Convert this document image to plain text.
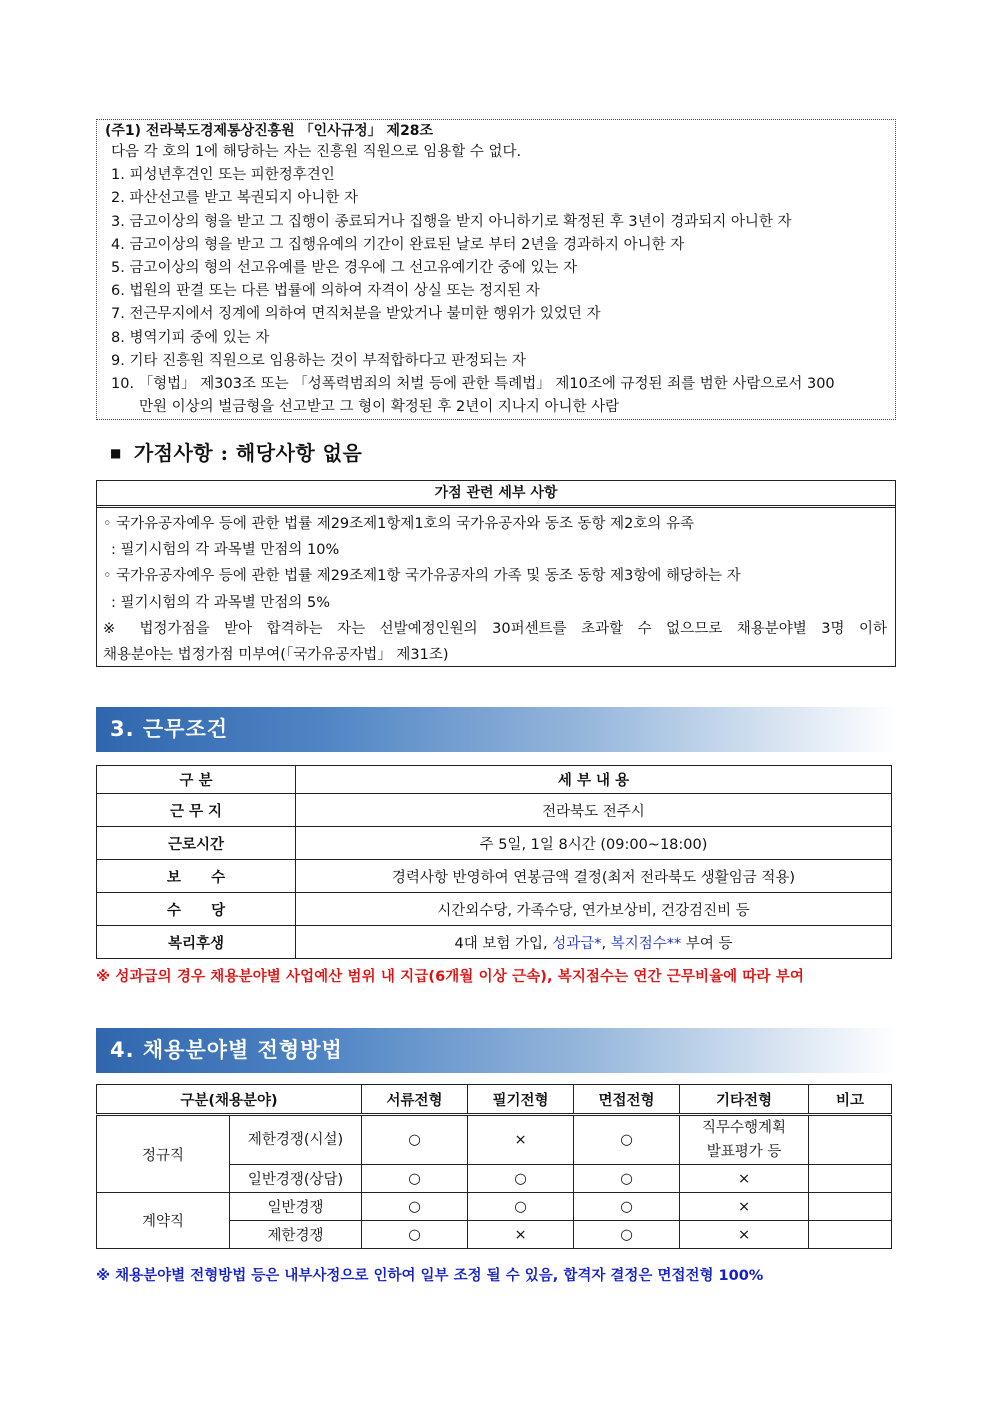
(주1) 전라북도경제통상진흥원 「인사규정」 제28조
다음 각 호의 1에 해당하는 자는 진흥원 직원으로 임용할 수 없다.
1. 피성년후견인 또는 피한정후견인
2. 파산선고를 받고 복권되지 아니한 자
3. 금고이상의 형을 받고 그 집행이 종료되거나 집행을 받지 아니하기로 확정된 후 3년이 경과되지 아니한 자
4. 금고이상의 형을 받고 그 집행유예의 기간이 완료된 날로 부터 2년을 경과하지 아니한 자
5. 금고이상의 형의 선고유예를 받은 경우에 그 선고유예기간 중에 있는 자
6. 법원의 판결 또는 다른 법률에 의하여 자격이 상실 또는 정지된 자
7. 전근무지에서 징계에 의하여 면직처분을 받았거나 불미한 행위가 있었던 자
8. 병역기피 중에 있는 자
9. 기타 진흥원 직원으로 임용하는 것이 부적합하다고 판정되는 자
10. 「형법」 제303조 또는 「성폭력범죄의 처벌 등에 관한 특례법」 제10조에 규정된 죄를 범한 사람으로서 300
만원 이상의 벌금형을 선고받고 그 형이 확정된 후 2년이 지나지 아니한 사람
■ 가점사항 : 해당사항 없음
가점 관련 세부 사항
◦ 국가유공자예우 등에 관한 법률 제29조제1항제1호의 국가유공자와 동조 동항 제2호의 유족
: 필기시험의 각 과목별 만점의 10%
◦ 국가유공자예우 등에 관한 법률 제29조제1항 국가유공자의 가족 및 동조 동항 제3항에 해당하는 자
: 필기시험의 각 과목별 만점의 5%
※ 법정가점을 받아 합격하는 자는 선발예정인원의 30퍼센트를 초과할 수 없으므로 채용분야별 3명 이하
채용분야는 법정가점 미부여(「국가유공자법」 제31조)
3. 근무조건
구 분	세 부 내 용
근 무 지	전라북도 전주시
근로시간	주 5일, 1일 8시간 (09:00~18:00)
보      수	경력사항 반영하여 연봉금액 결정(최저 전라북도 생활임금 적용)
수      당	시간외수당, 가족수당, 연가보상비, 건강검진비 등
복리후생	4대 보험 가입, 성과급*, 복지점수** 부여 등
※ 성과급의 경우 채용분야별 사업예산 범위 내 지급(6개월 이상 근속), 복지점수는 연간 근무비율에 따라 부여
4. 채용분야별 전형방법
구분(채용분야)		서류전형	필기전형	면접전형	기타전형	비고
정규직	제한경쟁(시설)	○	×	○	직무수행계획
발표평가 등	

	일반경쟁(상담)	○	○	○	×	
계약직	일반경쟁	○	○	○	×	
	제한경쟁	○	×	○	×	
※ 채용분야별 전형방법 등은 내부사정으로 인하여 일부 조정 될 수 있음, 합격자 결정은 면접전형 100%
